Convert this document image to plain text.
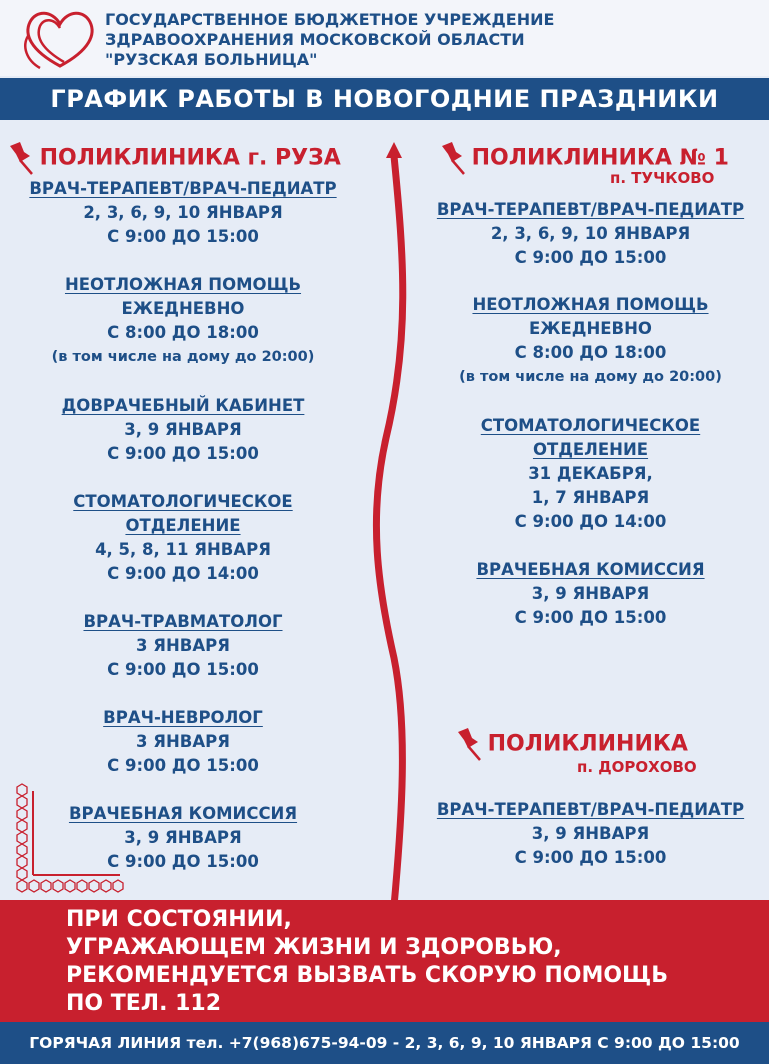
ГОСУДАРСТВЕННОЕ БЮДЖЕТНОЕ УЧРЕЖДЕНИЕ
ЗДРАВООХРАНЕНИЯ МОСКОВСКОЙ ОБЛАСТИ
"РУЗСКАЯ БОЛЬНИЦА"
ГРАФИК РАБОТЫ В НОВОГОДНИЕ ПРАЗДНИКИ
ПОЛИКЛИНИКА г. РУЗА
ВРАЧ-ТЕРАПЕВТ/ВРАЧ-ПЕДИАТР
2, 3, 6, 9, 10 ЯНВАРЯ
С 9:00 ДО 15:00
НЕОТЛОЖНАЯ ПОМОЩЬ
ЕЖЕДНЕВНО
С 8:00 ДО 18:00
(в том числе на дому до 20:00)
ДОВРАЧЕБНЫЙ КАБИНЕТ
3, 9 ЯНВАРЯ
С 9:00 ДО 15:00
СТОМАТОЛОГИЧЕСКОЕ
ОТДЕЛЕНИЕ
4, 5, 8, 11 ЯНВАРЯ
С 9:00 ДО 14:00
ВРАЧ-ТРАВМАТОЛОГ
3 ЯНВАРЯ
С 9:00 ДО 15:00
ВРАЧ-НЕВРОЛОГ
3 ЯНВАРЯ
С 9:00 ДО 15:00
ВРАЧЕБНАЯ КОМИССИЯ
3, 9 ЯНВАРЯ
С 9:00 ДО 15:00
ПОЛИКЛИНИКА № 1
п. ТУЧКОВО
ВРАЧ-ТЕРАПЕВТ/ВРАЧ-ПЕДИАТР
2, 3, 6, 9, 10 ЯНВАРЯ
С 9:00 ДО 15:00
НЕОТЛОЖНАЯ ПОМОЩЬ
ЕЖЕДНЕВНО
С 8:00 ДО 18:00
(в том числе на дому до 20:00)
СТОМАТОЛОГИЧЕСКОЕ
ОТДЕЛЕНИЕ
31 ДЕКАБРЯ,
1, 7 ЯНВАРЯ
С 9:00 ДО 14:00
ВРАЧЕБНАЯ КОМИССИЯ
3, 9 ЯНВАРЯ
С 9:00 ДО 15:00
ПОЛИКЛИНИКА
п. ДОРОХОВО
ВРАЧ-ТЕРАПЕВТ/ВРАЧ-ПЕДИАТР
3, 9 ЯНВАРЯ
С 9:00 ДО 15:00
ПРИ СОСТОЯНИИ,
УГРАЖАЮЩЕМ ЖИЗНИ И ЗДОРОВЬЮ,
РЕКОМЕНДУЕТСЯ ВЫЗВАТЬ СКОРУЮ ПОМОЩЬ
ПО ТЕЛ. 112
ГОРЯЧАЯ ЛИНИЯ тел. +7(968)675-94-09 - 2, 3, 6, 9, 10 ЯНВАРЯ С 9:00 ДО 15:00
